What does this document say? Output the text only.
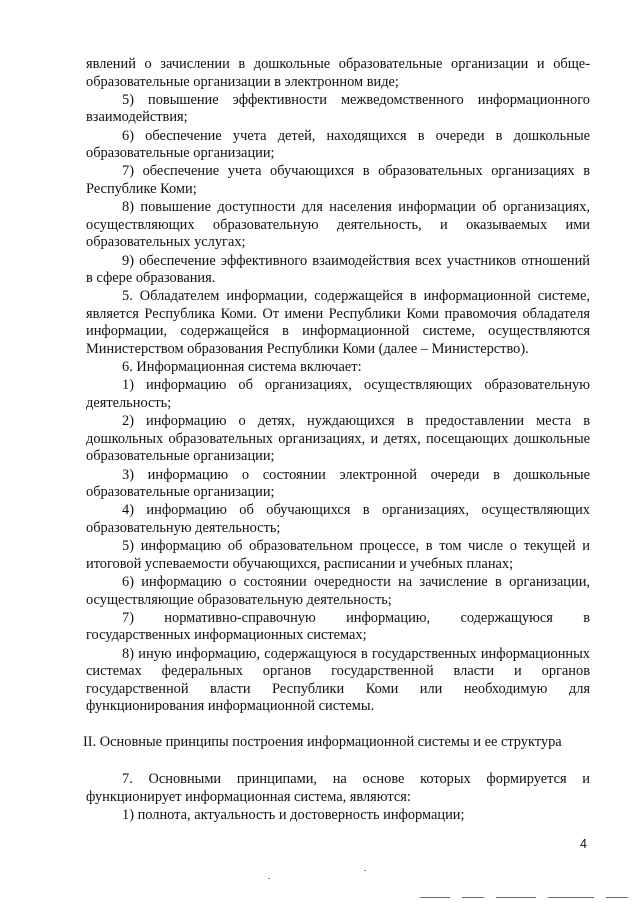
явлений о зачислении в дошкольные образовательные организации и обще-образовательные организации в электронном виде;

5) повышение эффективности межведомственного информационного взаимодействия;

6) обеспечение учета детей, находящихся в очереди в дошкольные образовательные организации;

7) обеспечение учета обучающихся в образовательных организациях в Республике Коми;

8) повышение доступности для населения информации об организациях, осуществляющих образовательную деятельность, и оказываемых ими образовательных услугах;

9) обеспечение эффективного взаимодействия всех участников отношений в сфере образования.

5. Обладателем информации, содержащейся в информационной системе, является Республика Коми. От имени Республики Коми правомочия обладателя информации, содержащейся в информационной системе, осуществляются Министерством образования Республики Коми (далее – Министерство).

6. Информационная система включает:

1) информацию об организациях, осуществляющих образовательную деятельность;

2) информацию о детях, нуждающихся в предоставлении места в дошкольных образовательных организациях, и детях, посещающих дошкольные образовательные организации;

3) информацию о состоянии электронной очереди в дошкольные образовательные организации;

4) информацию об обучающихся в организациях, осуществляющих образовательную деятельность;

5) информацию об образовательном процессе, в том числе о текущей и итоговой успеваемости обучающихся, расписании и учебных планах;

6) информацию о состоянии очередности на зачисление в организации, осуществляющие образовательную деятельность;

7) нормативно-справочную информацию, содержащуюся в государственных информационных системах;

8) иную информацию, содержащуюся в государственных информационных системах федеральных органов государственной власти и органов государственной власти Республики Коми или необходимую для функционирования информационной системы.

II. Основные принципы построения информационной системы и ее структура

7. Основными принципами, на основе которых формируется и функционирует информационная система, являются:

1) полнота, актуальность и достоверность информации;

4
